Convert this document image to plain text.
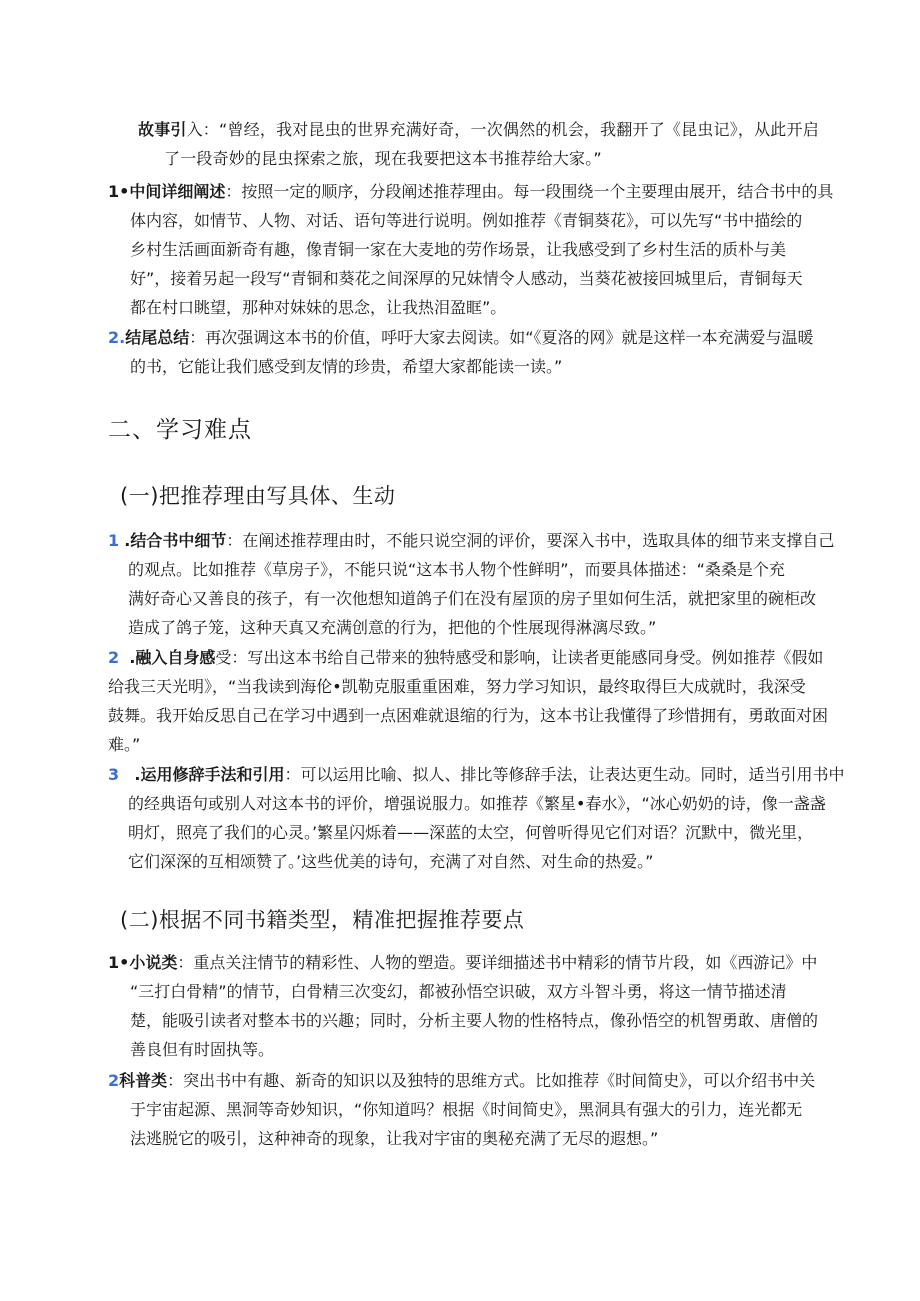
故事引入：“曾经，我对昆虫的世界充满好奇，一次偶然的机会，我翻开了《昆虫记》，从此开启
了一段奇妙的昆虫探索之旅，现在我要把这本书推荐给大家。”
1•中间详细阐述：按照一定的顺序，分段阐述推荐理由。每一段围绕一个主要理由展开，结合书中的具
体内容，如情节、人物、对话、语句等进行说明。例如推荐《青铜葵花》，可以先写“书中描绘的
乡村生活画面新奇有趣，像青铜一家在大麦地的劳作场景，让我感受到了乡村生活的质朴与美
好”，接着另起一段写“青铜和葵花之间深厚的兄妹情令人感动，当葵花被接回城里后，青铜每天
都在村口眺望，那种对妹妹的思念，让我热泪盈眶”。
2.结尾总结：再次强调这本书的价值，呼吁大家去阅读。如“《夏洛的网》就是这样一本充满爱与温暖
的书，它能让我们感受到友情的珍贵，希望大家都能读一读。”
二、学习难点
(一)把推荐理由写具体、生动
1 .结合书中细节：在阐述推荐理由时，不能只说空洞的评价，要深入书中，选取具体的细节来支撑自己
的观点。比如推荐《草房子》，不能只说“这本书人物个性鲜明”，而要具体描述：“桑桑是个充
满好奇心又善良的孩子，有一次他想知道鸽子们在没有屋顶的房子里如何生活，就把家里的碗柜改
造成了鸽子笼，这种天真又充满创意的行为，把他的个性展现得淋漓尽致。”
2 .融入自身感受：写出这本书给自己带来的独特感受和影响，让读者更能感同身受。例如推荐《假如
给我三天光明》，“当我读到海伦•凯勒克服重重困难，努力学习知识，最终取得巨大成就时，我深受
鼓舞。我开始反思自己在学习中遇到一点困难就退缩的行为，这本书让我懂得了珍惜拥有，勇敢面对困
难。”
3 .运用修辞手法和引用：可以运用比喻、拟人、排比等修辞手法，让表达更生动。同时，适当引用书中
的经典语句或别人对这本书的评价，增强说服力。如推荐《繁星•春水》，“冰心奶奶的诗，像一盏盏
明灯，照亮了我们的心灵。’繁星闪烁着——深蓝的太空，何曾听得见它们对语？沉默中，微光里，
它们深深的互相颂赞了。’这些优美的诗句，充满了对自然、对生命的热爱。”
(二)根据不同书籍类型，精准把握推荐要点
1•小说类：重点关注情节的精彩性、人物的塑造。要详细描述书中精彩的情节片段，如《西游记》中
“三打白骨精”的情节，白骨精三次变幻，都被孙悟空识破，双方斗智斗勇，将这一情节描述清
楚，能吸引读者对整本书的兴趣；同时，分析主要人物的性格特点，像孙悟空的机智勇敢、唐僧的
善良但有时固执等。
2科普类：突出书中有趣、新奇的知识以及独特的思维方式。比如推荐《时间简史》，可以介绍书中关
于宇宙起源、黑洞等奇妙知识，“你知道吗？根据《时间简史》，黑洞具有强大的引力，连光都无
法逃脱它的吸引，这种神奇的现象，让我对宇宙的奥秘充满了无尽的遐想。”
